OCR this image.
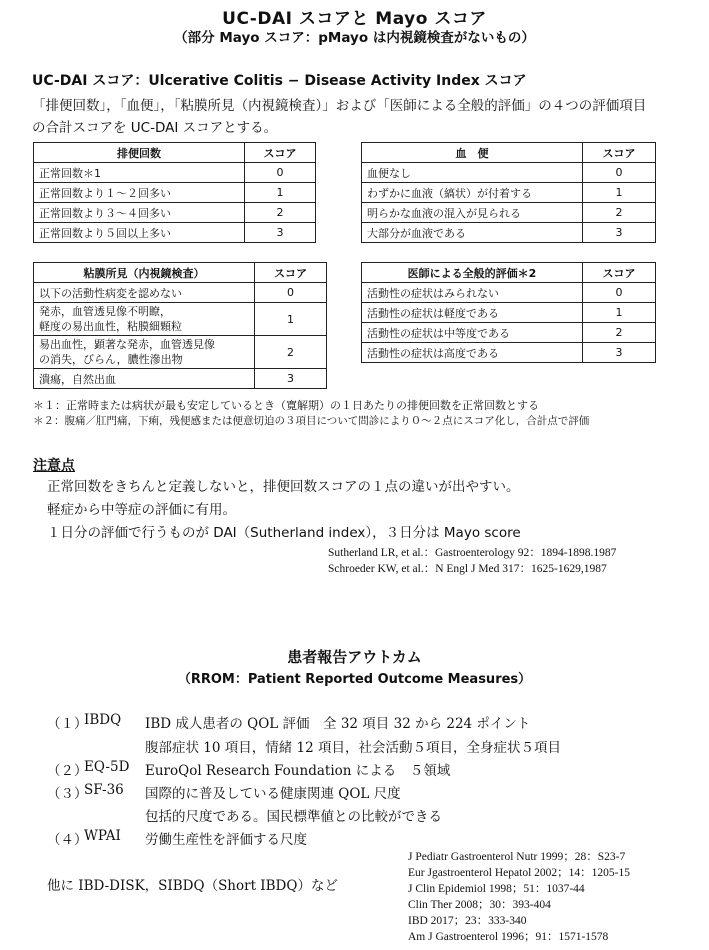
UC-DAI スコアと Mayo スコア
（部分 Mayo スコア：pMayo は内視鏡検査がないもの）
UC-DAI スコア：Ulcerative Colitis − Disease Activity Index スコア
「排便回数」，「血便」，「粘膜所見（内視鏡検査）」および「医師による全般的評価」の４つの評価項目
の合計スコアを UC-DAI スコアとする。
排便回数	スコア
正常回数＊1	0
正常回数より１～２回多い	1
正常回数より３～４回多い	2
正常回数より５回以上多い	3
血　便	スコア
血便なし	0
わずかに血液（縞状）が付着する	1
明らかな血液の混入が見られる	2
大部分が血液である	3
粘膜所見（内視鏡検査）	スコア
以下の活動性病変を認めない	0
発赤，血管透見像不明瞭，
軽度の易出血性，粘膜細顆粒	1
易出血性，顕著な発赤，血管透見像
の消失，びらん，膿性滲出物	2
潰瘍，自然出血	3
医師による全般的評価＊2	スコア
活動性の症状はみられない	0
活動性の症状は軽度である	1
活動性の症状は中等度である	2
活動性の症状は高度である	3
＊１：正常時または病状が最も安定しているとき（寛解期）の１日あたりの排便回数を正常回数とする
＊２：腹痛／肛門痛，下痢，残便感または便意切迫の３項目について問診により０～２点にスコア化し，合計点で評価
注意点
正常回数をきちんと定義しないと，排便回数スコアの１点の違いが出やすい。
軽症から中等症の評価に有用。
１日分の評価で行うものが DAI（Sutherland index），３日分は Mayo score
Sutherland LR, et al.：Gastroenterology 92：1894-1898.1987
Schroeder KW, et al.：N Engl J Med 317：1625-1629,1987
患者報告アウトカム
（RROM：Patient Reported Outcome Measures）
（１）
IBDQ IBD 成人患者の QOL 評価　全 32 項目 32 から 224 ポイント
腹部症状 10 項目，情緒 12 項目，社会活動５項目，全身症状５項目
（２）
EQ-5D EuroQol Research Foundation による　５領域
（３）
SF-36 国際的に普及している健康関連 QOL 尺度
包括的尺度である。国民標準値との比較ができる
（４）
WPAI 労働生産性を評価する尺度
他に IBD-DISK，SIBDQ（Short IBDQ）など
J Pediatr Gastroenterol Nutr 1999；28：S23-7
Eur Jgastroenterol Hepatol 2002；14：1205-15
J Clin Epidemiol 1998；51：1037-44
Clin Ther 2008；30：393-404
IBD 2017；23：333-340
Am J Gastroenterol 1996；91：1571-1578
